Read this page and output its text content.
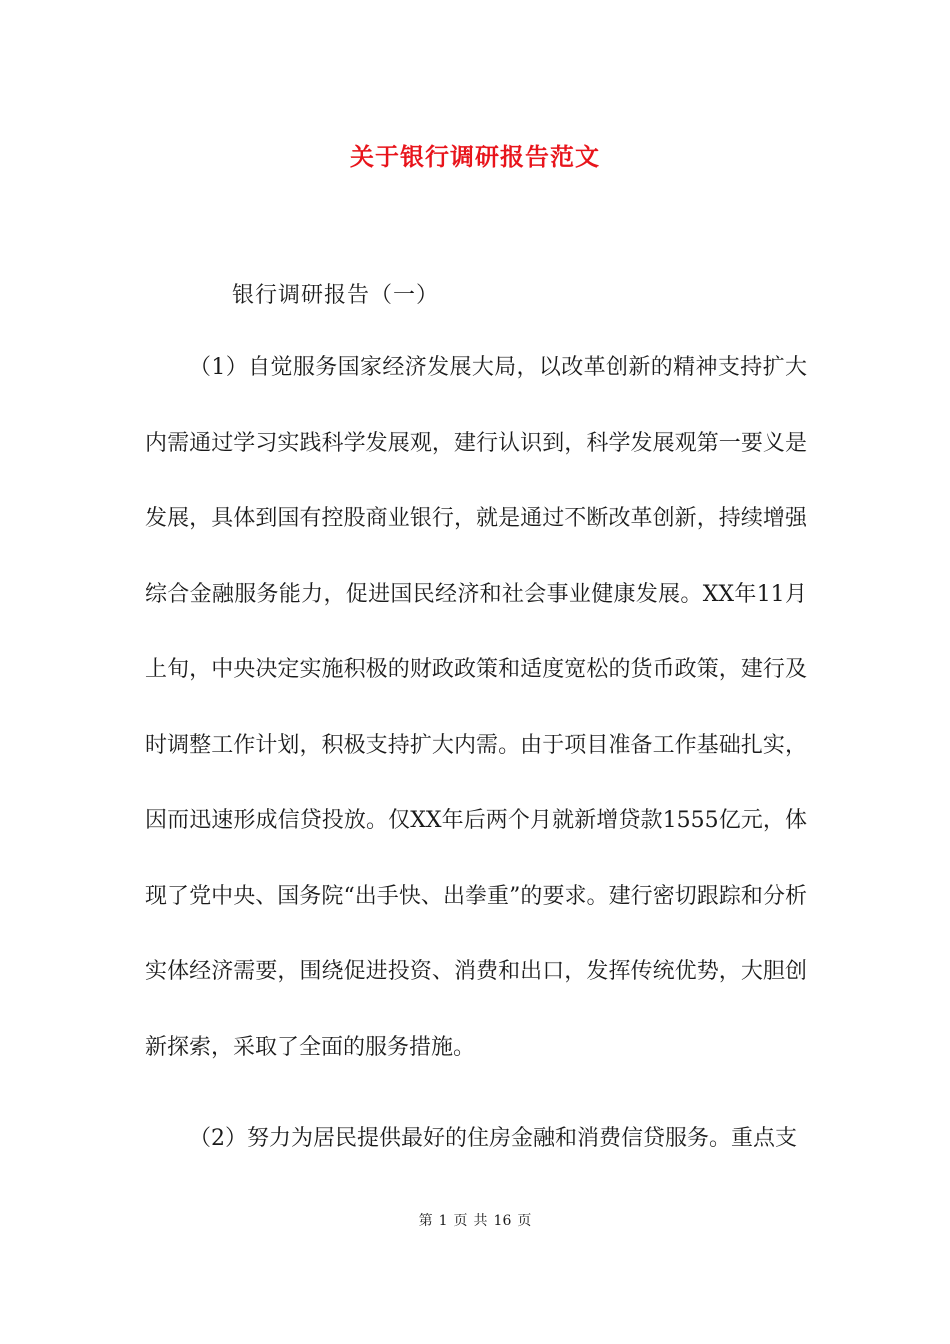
关于银行调研报告范文
银行调研报告（一）

（1）自觉服务国家经济发展大局，以改革创新的精神支持扩大内需通过学习实践科学发展观，建行认识到，科学发展观第一要义是发展，具体到国有控股商业银行，就是通过不断改革创新，持续增强综合金融服务能力，促进国民经济和社会事业健康发展。XX年11月上旬，中央决定实施积极的财政政策和适度宽松的货币政策，建行及时调整工作计划，积极支持扩大内需。由于项目准备工作基础扎实，因而迅速形成信贷投放。仅XX年后两个月就新增贷款1555亿元，体现了党中央、国务院“出手快、出拳重”的要求。建行密切跟踪和分析实体经济需要，围绕促进投资、消费和出口，发挥传统优势，大胆创新探索，采取了全面的服务措施。

（2）努力为居民提供最好的住房金融和消费信贷服务。重点支

第 1 页 共 16 页
